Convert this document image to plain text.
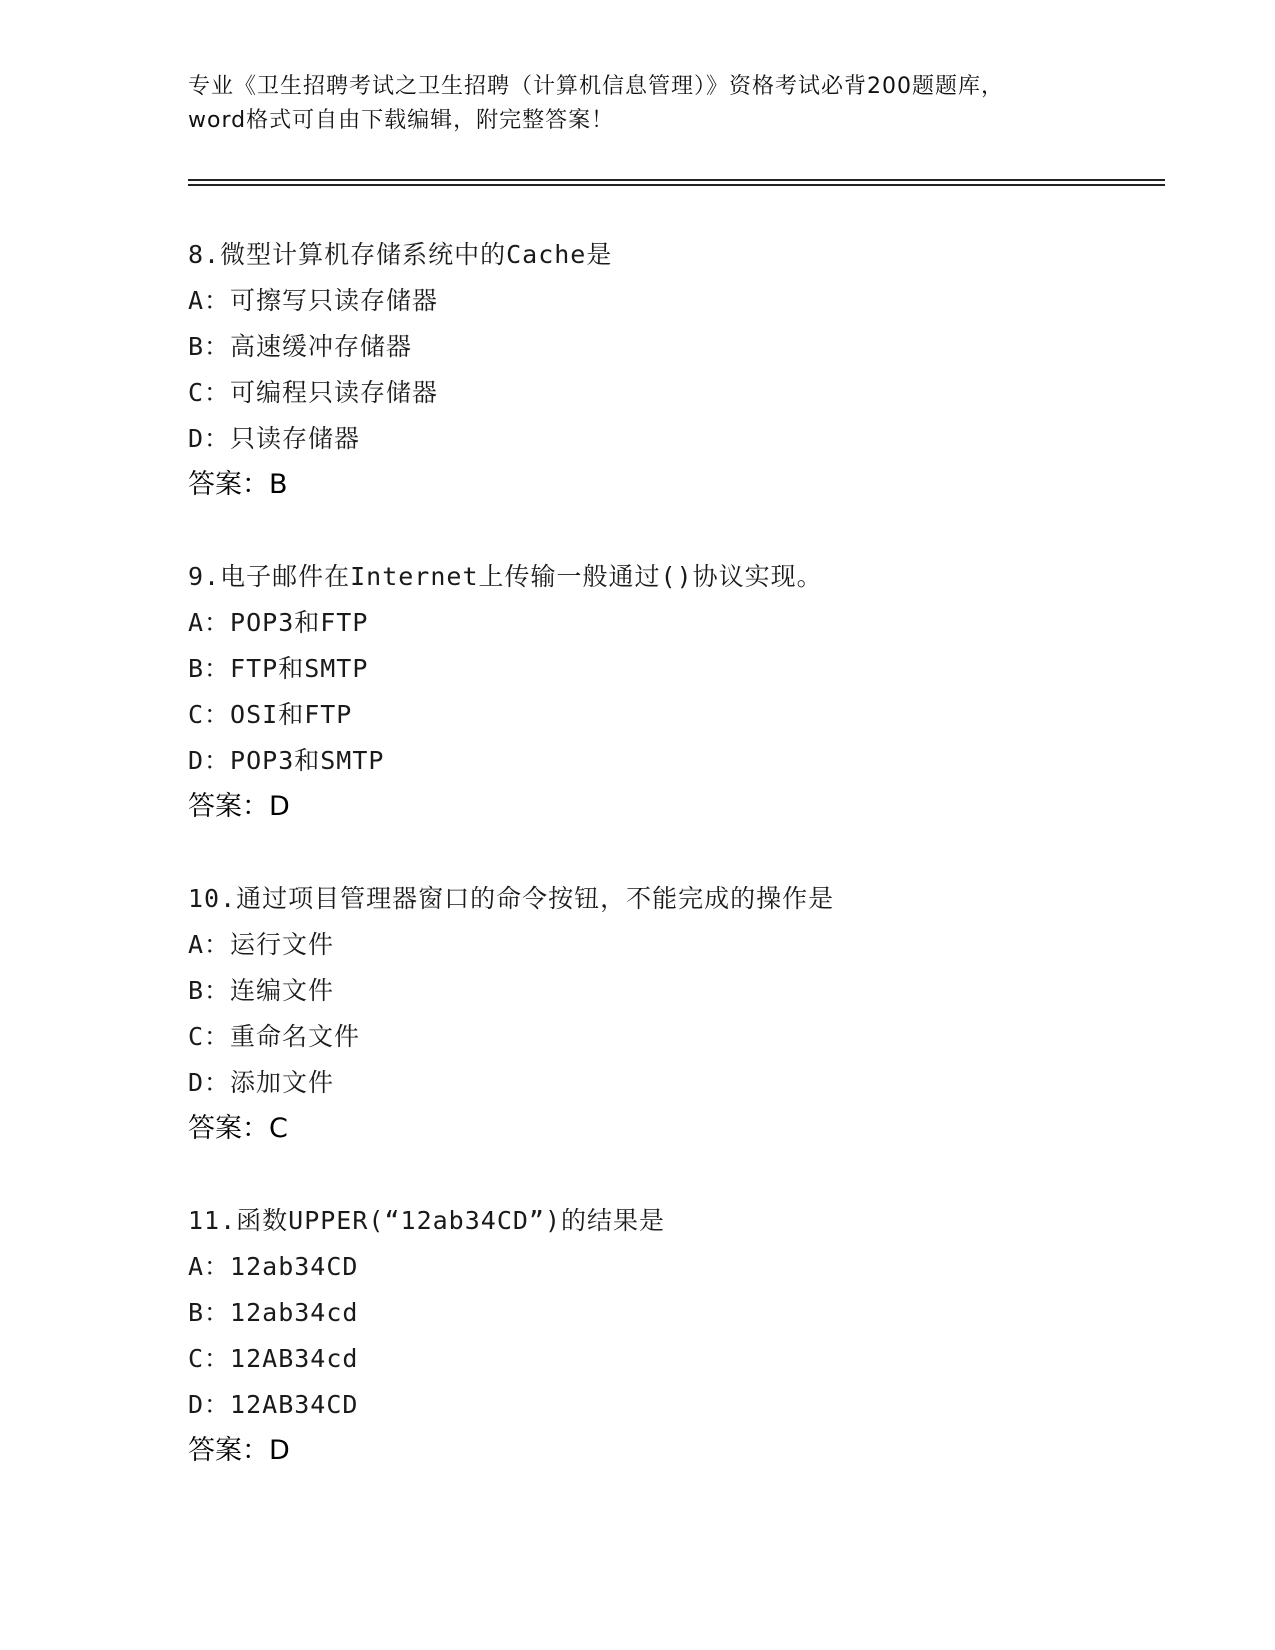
专业《卫生招聘考试之卫生招聘（计算机信息管理）》资格考试必背200题题库，
word格式可自由下载编辑，附完整答案！
8.微型计算机存储系统中的Cache是
A：可擦写只读存储器
B：高速缓冲存储器
C：可编程只读存储器
D：只读存储器
答案：B
9.电子邮件在Internet上传输一般通过()协议实现。
A：POP3和FTP
B：FTP和SMTP
C：OSI和FTP
D：POP3和SMTP
答案：D
10.通过项目管理器窗口的命令按钮，不能完成的操作是
A：运行文件
B：连编文件
C：重命名文件
D：添加文件
答案：C
11.函数UPPER(“12ab34CD”)的结果是
A：12ab34CD
B：12ab34cd
C：12AB34cd
D：12AB34CD
答案：D
